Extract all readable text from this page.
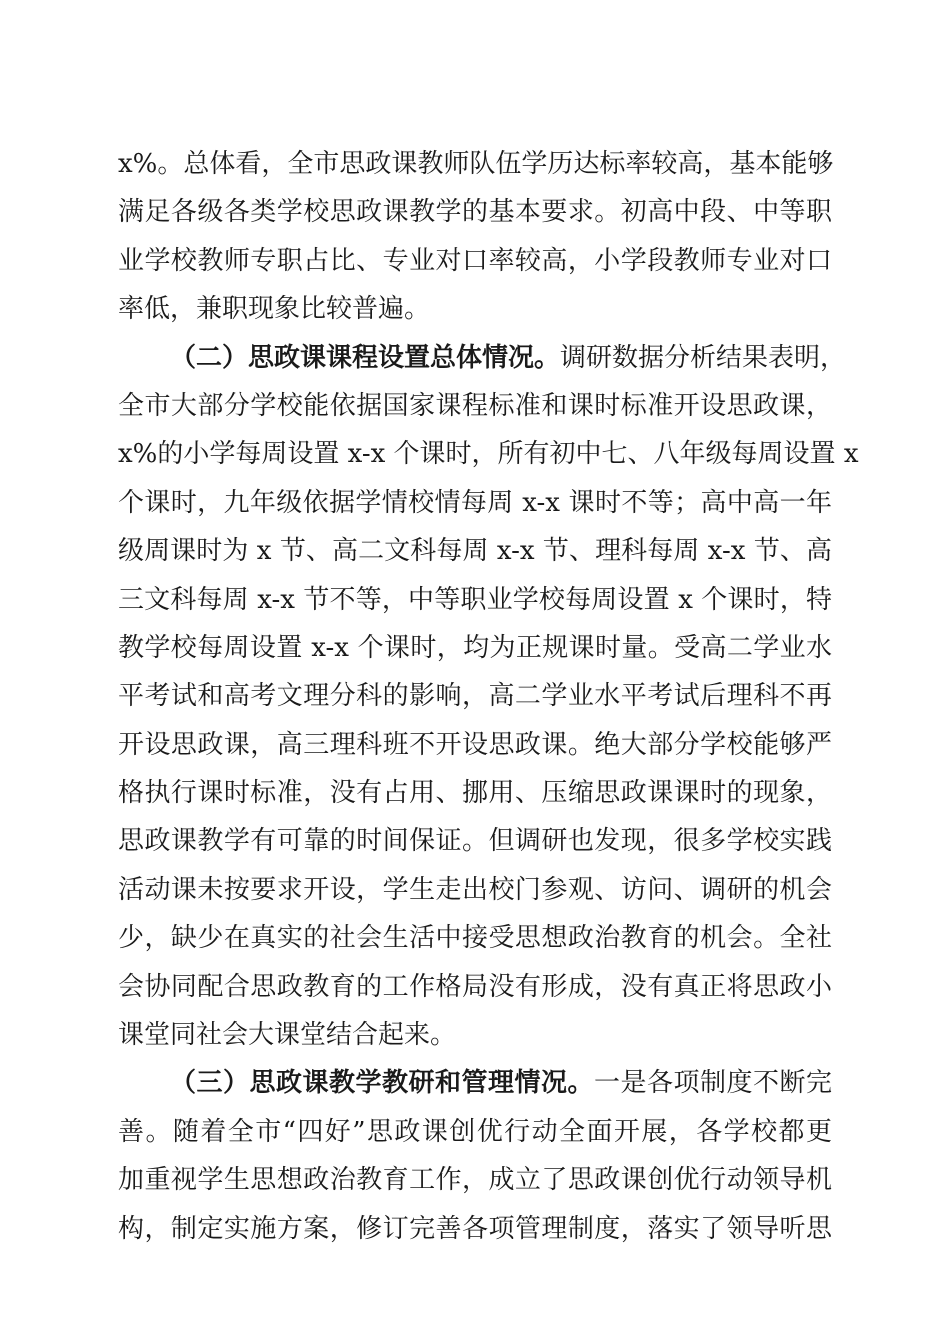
x%。总体看，全市思政课教师队伍学历达标率较高，基本能够
满足各级各类学校思政课教学的基本要求。初高中段、中等职
业学校教师专职占比、专业对口率较高，小学段教师专业对口
率低，兼职现象比较普遍。
（二）思政课课程设置总体情况。调研数据分析结果表明，
全市大部分学校能依据国家课程标准和课时标准开设思政课，
x%的小学每周设置 x-x 个课时，所有初中七、八年级每周设置 x
个课时，九年级依据学情校情每周 x-x 课时不等；高中高一年
级周课时为 x 节、高二文科每周 x-x 节、理科每周 x-x 节、高
三文科每周 x-x 节不等，中等职业学校每周设置 x 个课时，特
教学校每周设置 x-x 个课时，均为正规课时量。受高二学业水
平考试和高考文理分科的影响，高二学业水平考试后理科不再
开设思政课，高三理科班不开设思政课。绝大部分学校能够严
格执行课时标准，没有占用、挪用、压缩思政课课时的现象，
思政课教学有可靠的时间保证。但调研也发现，很多学校实践
活动课未按要求开设，学生走出校门参观、访问、调研的机会
少，缺少在真实的社会生活中接受思想政治教育的机会。全社
会协同配合思政教育的工作格局没有形成，没有真正将思政小
课堂同社会大课堂结合起来。
（三）思政课教学教研和管理情况。一是各项制度不断完
善。随着全市“四好”思政课创优行动全面开展，各学校都更
加重视学生思想政治教育工作，成立了思政课创优行动领导机
构，制定实施方案，修订完善各项管理制度，落实了领导听思
